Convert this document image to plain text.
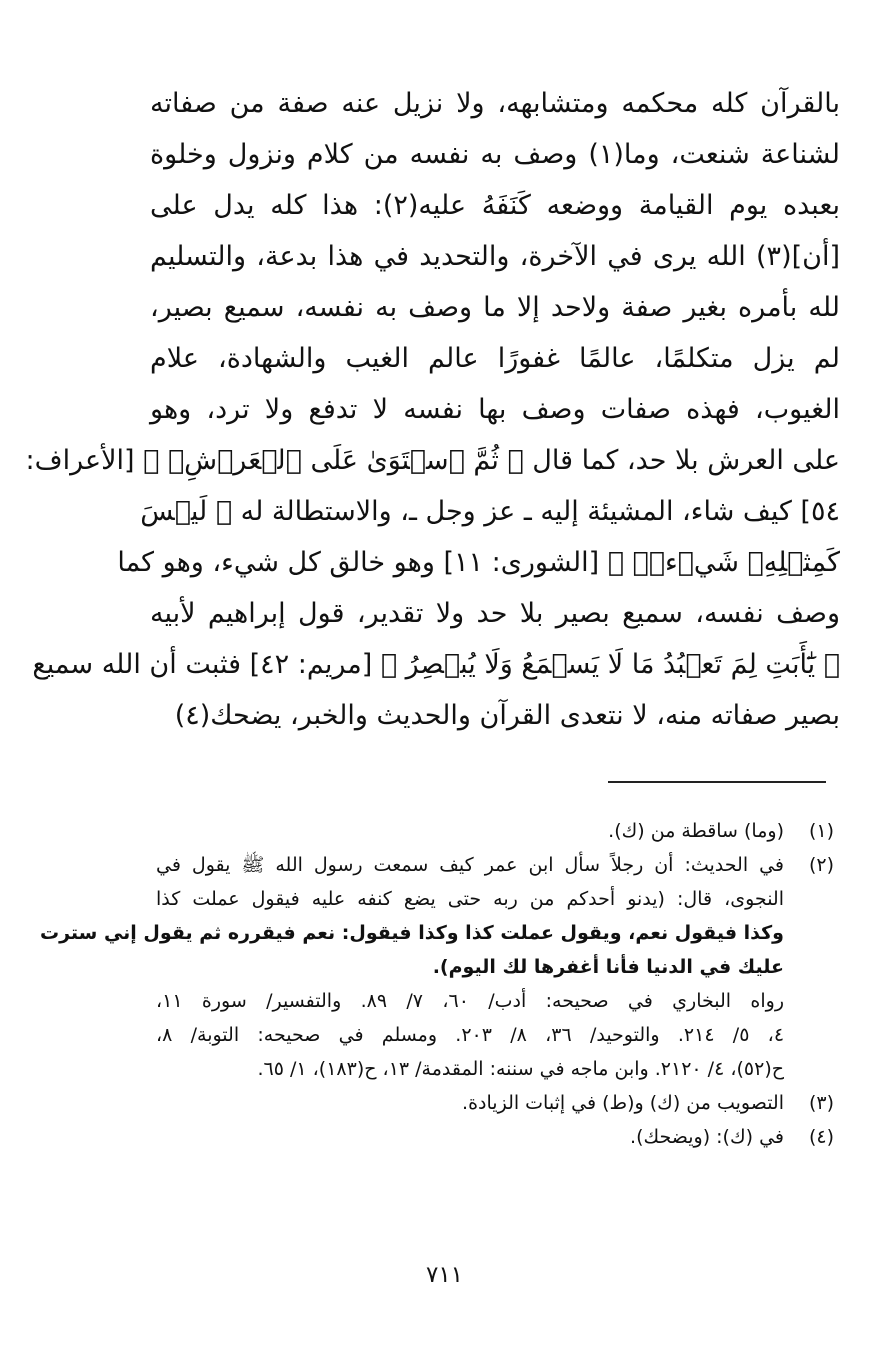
بالقرآن كله محكمه ومتشابهه، ولا نزيل عنه صفة من صفاته
لشناعة شنعت، وما(١) وصف به نفسه من كلام ونزول وخلوة
بعبده يوم القيامة ووضعه كَنَفَهُ عليه(٢): هذا كله يدل على
[أن](٣) الله يرى في الآخرة، والتحديد في هذا بدعة، والتسليم
لله بأمره بغير صفة ولاحد إلا ما وصف به نفسه، سميع بصير،
لم يزل متكلمًا، عالمًا غفورًا عالم الغيب والشهادة، علام
الغيوب، فهذه صفات وصف بها نفسه لا تدفع ولا ترد، وهو
على العرش بلا حد، كما قال ﴿ ثُمَّ ٱسۡتَوَىٰ عَلَى ٱلۡعَرۡشِۖ ﴾ [الأعراف:
٥٤] كيف شاء، المشيئة إليه ـ عز وجل ـ، والاستطالة له ﴿ لَيۡسَ
كَمِثۡلِهِۦ شَيۡءٞۖ ﴾ [الشورى: ١١] وهو خالق كل شيء، وهو كما
وصف نفسه، سميع بصير بلا حد ولا تقدير، قول إبراهيم لأبيه
﴿ يَٰٓأَبَتِ لِمَ تَعۡبُدُ مَا لَا يَسۡمَعُ وَلَا يُبۡصِرُ ﴾ [مريم: ٤٢] فثبت أن الله سميع
بصير صفاته منه، لا نتعدى القرآن والحديث والخبر، يضحك(٤)
(١)
(وما) ساقطة من (ك).
(٢)
في الحديث: أن رجلاً سأل ابن عمر كيف سمعت رسول الله ﷺ يقول في
النجوى، قال: (يدنو أحدكم من ربه حتى يضع كنفه عليه فيقول عملت كذا
وكذا فيقول نعم، ويقول عملت كذا وكذا فيقول: نعم فيقرره ثم يقول إني سترت
عليك في الدنيا فأنا أغفرها لك اليوم).
رواه البخاري في صحيحه: أدب/ ٦٠، ٧/ ٨٩. والتفسير/ سورة ١١،
٤، ٥/ ٢١٤. والتوحيد/ ٣٦، ٨/ ٢٠٣. ومسلم في صحيحه: التوبة/ ٨،
ح(٥٢)، ٤/ ٢١٢٠. وابن ماجه في سننه: المقدمة/ ١٣، ح(١٨٣)، ١/ ٦٥.
(٣)
التصويب من (ك) و(ط) في إثبات الزيادة.
(٤)
في (ك): (ويضحك).
٧١١
